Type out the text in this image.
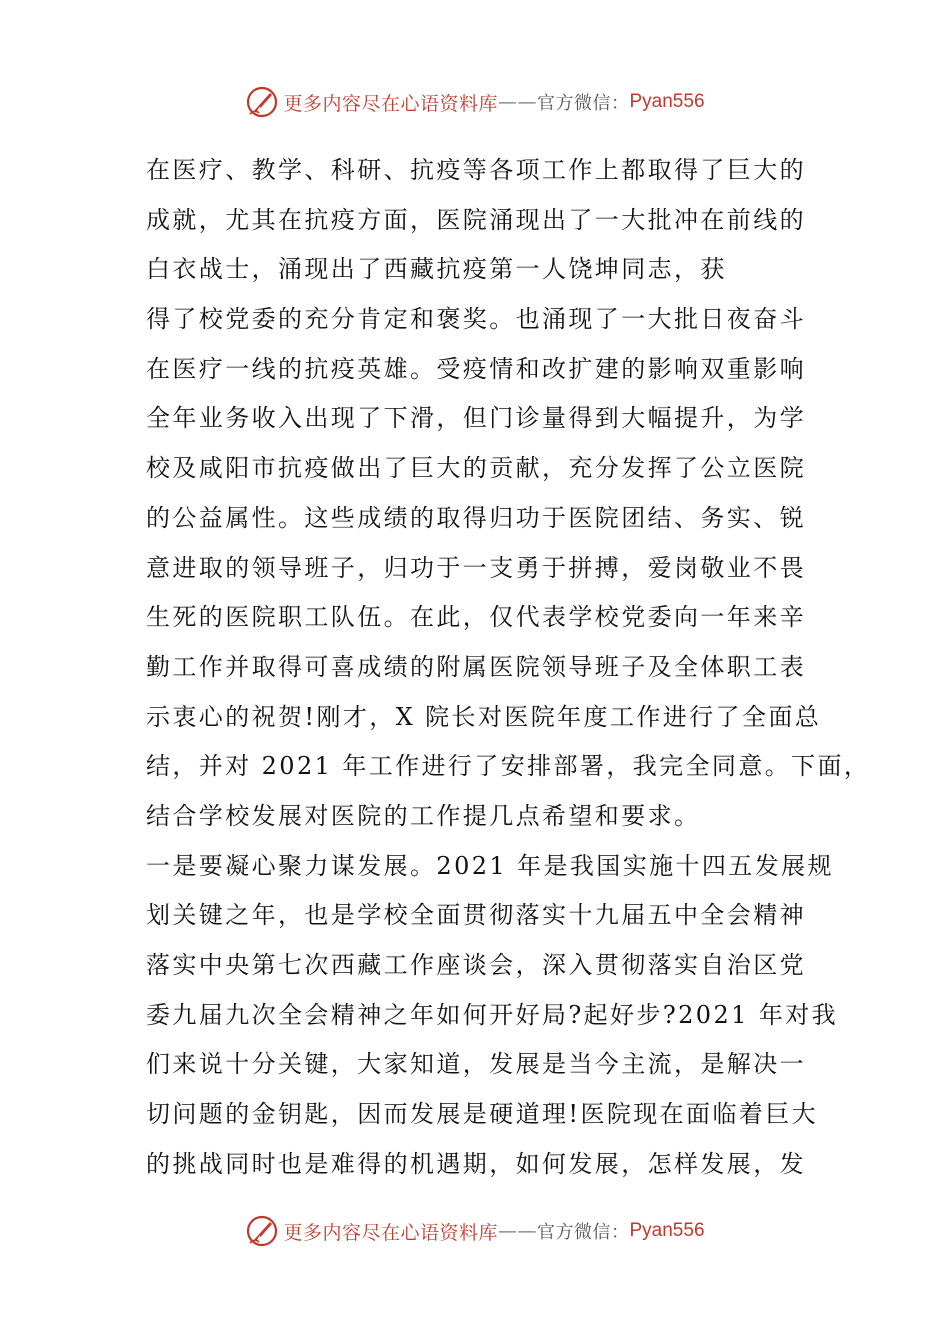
更多内容尽在心语资料库 —— 官方微信： Pyan556
在医疗、教学、科研、抗疫等各项工作上都取得了巨大的
成就，尤其在抗疫方面，医院涌现出了一大批冲在前线的
白衣战士，涌现出了西藏抗疫第一人饶坤同志，获
得了校党委的充分肯定和褒奖。也涌现了一大批日夜奋斗
在医疗一线的抗疫英雄。受疫情和改扩建的影响双重影响
全年业务收入出现了下滑，但门诊量得到大幅提升，为学
校及咸阳市抗疫做出了巨大的贡献，充分发挥了公立医院
的公益属性。这些成绩的取得归功于医院团结、务实、锐
意进取的领导班子，归功于一支勇于拼搏，爱岗敬业不畏
生死的医院职工队伍。在此，仅代表学校党委向一年来辛
勤工作并取得可喜成绩的附属医院领导班子及全体职工表
示衷心的祝贺!刚才，X 院长对医院年度工作进行了全面总
结，并对 2021 年工作进行了安排部署，我完全同意。下面，
结合学校发展对医院的工作提几点希望和要求。
一是要凝心聚力谋发展。2021 年是我国实施十四五发展规
划关键之年，也是学校全面贯彻落实十九届五中全会精神
落实中央第七次西藏工作座谈会，深入贯彻落实自治区党
委九届九次全会精神之年如何开好局?起好步?2021 年对我
们来说十分关键，大家知道，发展是当今主流，是解决一
切问题的金钥匙，因而发展是硬道理!医院现在面临着巨大
的挑战同时也是难得的机遇期，如何发展，怎样发展，发
更多内容尽在心语资料库 —— 官方微信： Pyan556
